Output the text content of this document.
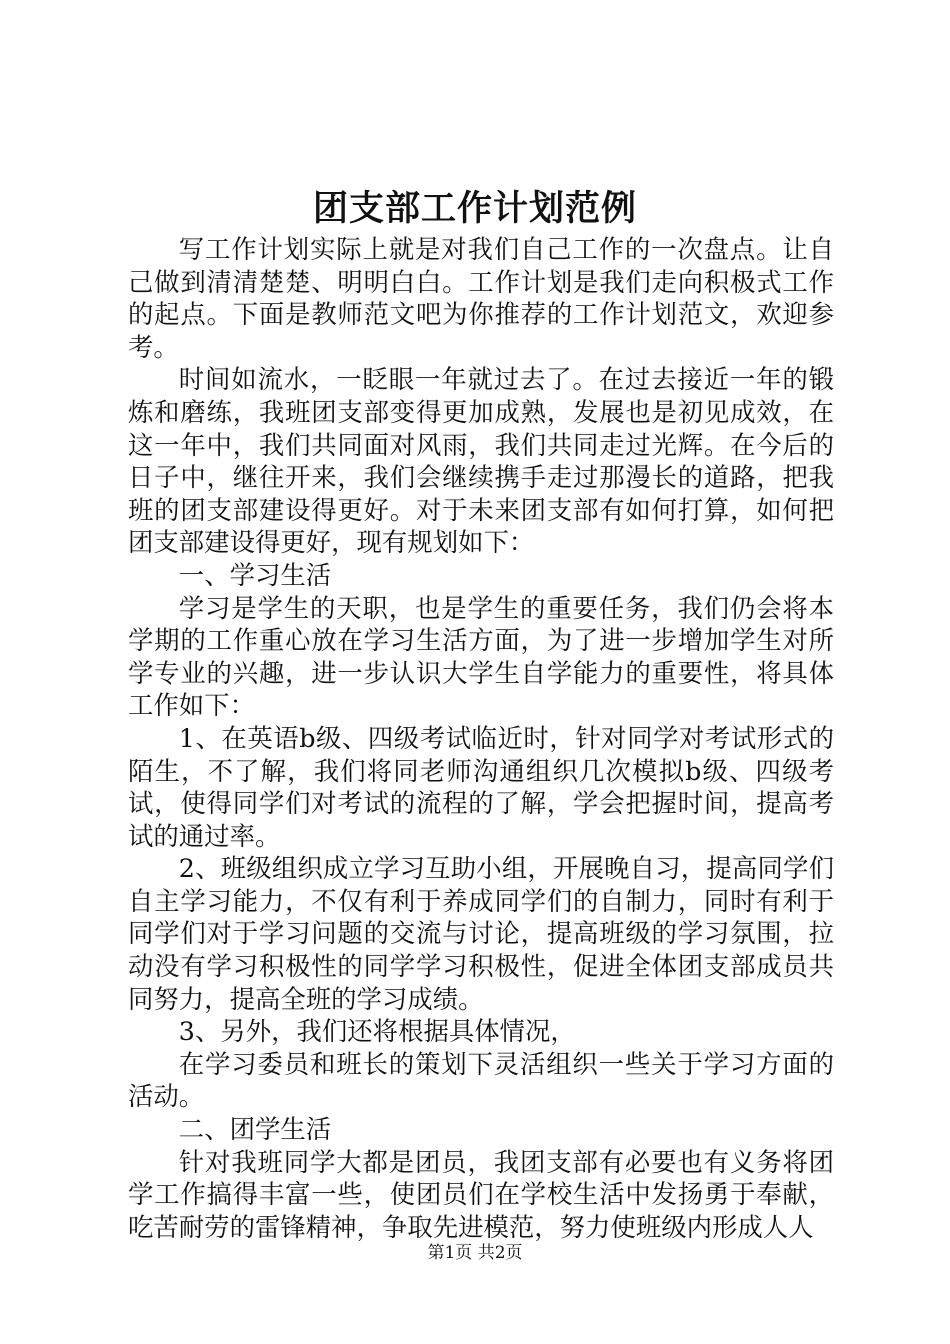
团支部工作计划范例

写工作计划实际上就是对我们自己工作的一次盘点。让自己做到清清楚楚、明明白白。工作计划是我们走向积极式工作的起点。下面是教师范文吧为你推荐的工作计划范文，欢迎参考。

时间如流水，一眨眼一年就过去了。在过去接近一年的锻炼和磨练，我班团支部变得更加成熟，发展也是初见成效，在这一年中，我们共同面对风雨，我们共同走过光辉。在今后的日子中，继往开来，我们会继续携手走过那漫长的道路，把我班的团支部建设得更好。对于未来团支部有如何打算，如何把团支部建设得更好，现有规划如下：

一、学习生活

学习是学生的天职，也是学生的重要任务，我们仍会将本学期的工作重心放在学习生活方面，为了进一步增加学生对所学专业的兴趣，进一步认识大学生自学能力的重要性，将具体工作如下：

1、在英语b级、四级考试临近时，针对同学对考试形式的陌生，不了解，我们将同老师沟通组织几次模拟b级、四级考试，使得同学们对考试的流程的了解，学会把握时间，提高考试的通过率。

2、班级组织成立学习互助小组，开展晚自习，提高同学们自主学习能力，不仅有利于养成同学们的自制力，同时有利于同学们对于学习问题的交流与讨论，提高班级的学习氛围，拉动没有学习积极性的同学学习积极性，促进全体团支部成员共同努力，提高全班的学习成绩。

3、另外，我们还将根据具体情况，

在学习委员和班长的策划下灵活组织一些关于学习方面的活动。

二、团学生活

针对我班同学大都是团员，我团支部有必要也有义务将团学工作搞得丰富一些，使团员们在学校生活中发扬勇于奉献，吃苦耐劳的雷锋精神，争取先进模范，努力使班级内形成人人

第1页 共2页
